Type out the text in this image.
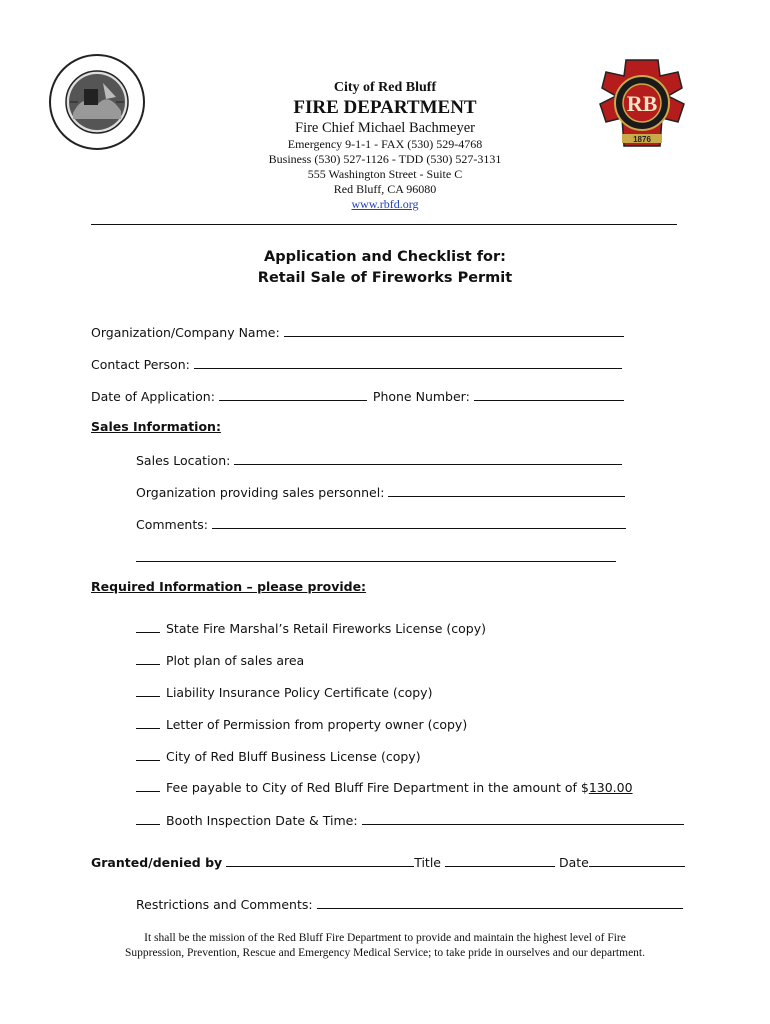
RB
1876
City of Red Bluff
FIRE DEPARTMENT
Fire Chief Michael Bachmeyer
Emergency 9-1-1 - FAX (530) 529-4768
Business (530) 527-1126 - TDD (530) 527-3131
555 Washington Street - Suite C
Red Bluff, CA 96080
www.rbfd.org
Application and Checklist for:
Retail Sale of Fireworks Permit
Organization/Company Name:
Contact Person:
Date of Application:	Phone Number:
Sales Information:
Sales Location:
Organization providing sales personnel:
Comments:
Required Information – please provide:
State Fire Marshal’s Retail Fireworks License (copy)
Plot plan of sales area
Liability Insurance Policy Certificate (copy)
Letter of Permission from property owner (copy)
City of Red Bluff Business License (copy)
Fee payable to City of Red Bluff Fire Department in the amount of $130.00
Booth Inspection Date & Time:
Granted/denied by	Title	Date
Restrictions and Comments:
It shall be the mission of the Red Bluff Fire Department to provide and maintain the highest level of Fire
Suppression, Prevention, Rescue and Emergency Medical Service; to take pride in ourselves and our department.
